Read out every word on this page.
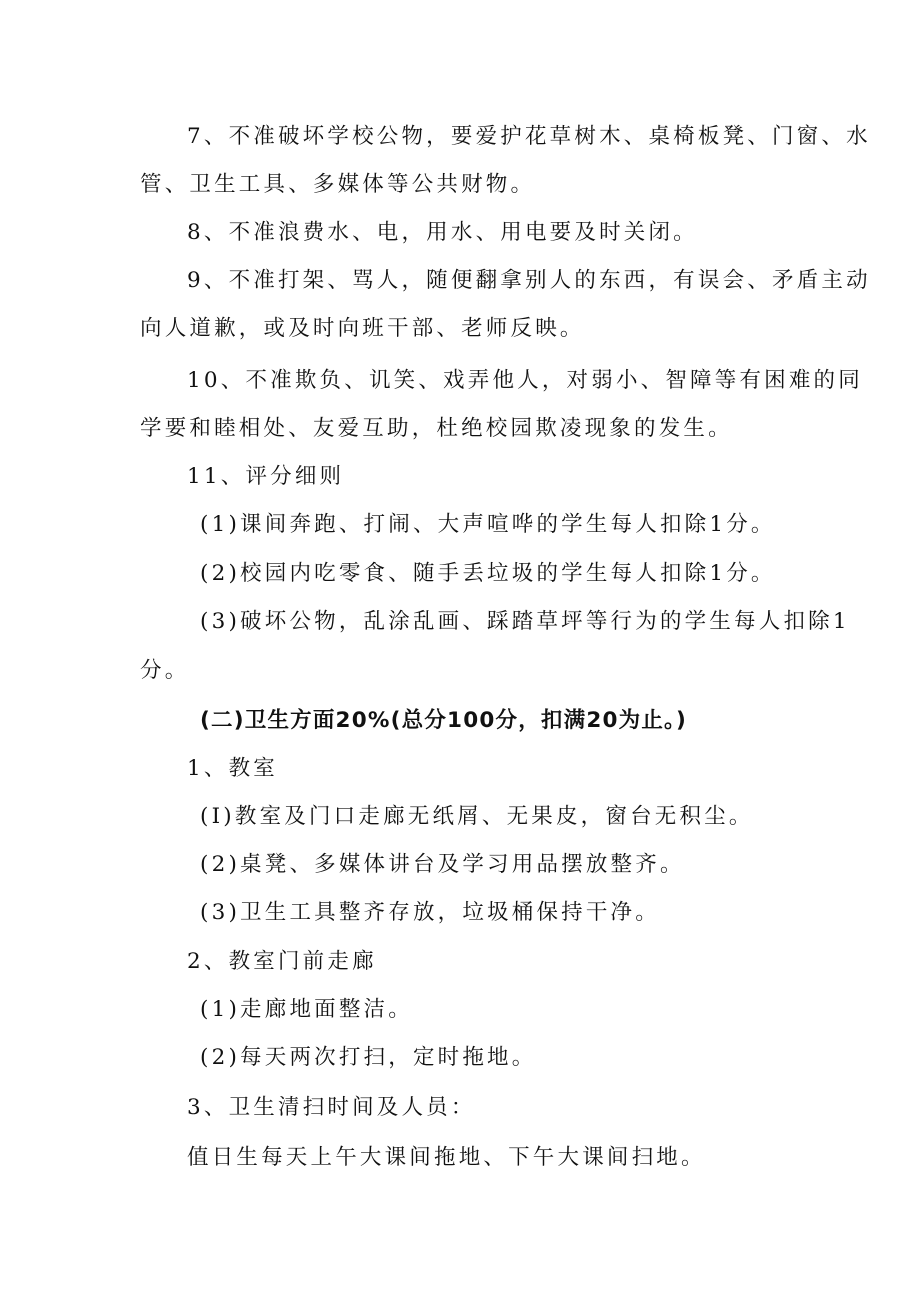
7、不准破坏学校公物，要爱护花草树木、桌椅板凳、门窗、水
管、卫生工具、多媒体等公共财物。
8、不准浪费水、电，用水、用电要及时关闭。
9、不准打架、骂人，随便翻拿别人的东西，有误会、矛盾主动
向人道歉，或及时向班干部、老师反映。
10、不准欺负、讥笑、戏弄他人，对弱小、智障等有困难的同
学要和睦相处、友爱互助，杜绝校园欺凌现象的发生。
11、评分细则
(1)课间奔跑、打闹、大声喧哗的学生每人扣除1分。
(2)校园内吃零食、随手丢垃圾的学生每人扣除1分。
(3)破坏公物，乱涂乱画、踩踏草坪等行为的学生每人扣除1
分。
(二)卫生方面20%(总分100分，扣满20为止。)
1、教室
(I)教室及门口走廊无纸屑、无果皮，窗台无积尘。
(2)桌凳、多媒体讲台及学习用品摆放整齐。
(3)卫生工具整齐存放，垃圾桶保持干净。
2、教室门前走廊
(1)走廊地面整洁。
(2)每天两次打扫，定时拖地。
3、卫生清扫时间及人员：
值日生每天上午大课间拖地、下午大课间扫地。
